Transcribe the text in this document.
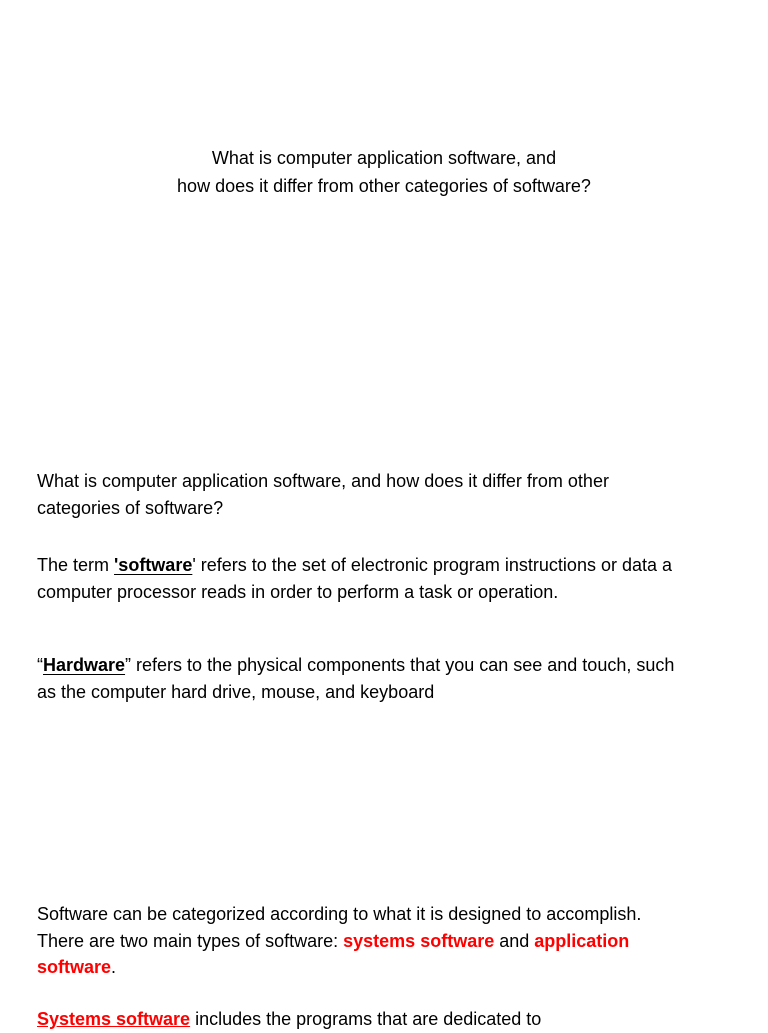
What is computer application software, and
how does it differ from other categories of software?

What is computer application software, and how does it differ from other categories of software?

The term 'software' refers to the set of electronic program instructions or data a computer processor reads in order to perform a task or operation.

“Hardware” refers to the physical components that you can see and touch, such as the computer hard drive, mouse, and keyboard

Software can be categorized according to what it is designed to accomplish. There are two main types of software: systems software and application software.

Systems software includes the programs that are dedicated to
